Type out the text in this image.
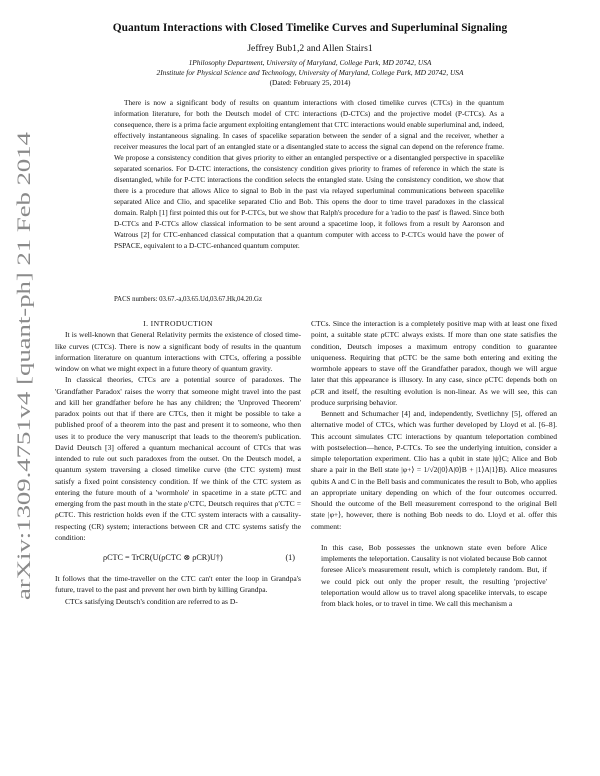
arXiv:1309.4751v4 [quant-ph] 21 Feb 2014
Quantum Interactions with Closed Timelike Curves and Superluminal Signaling
Jeffrey Bub1,2 and Allen Stairs1
1Philosophy Department, University of Maryland, College Park, MD 20742, USA
2Institute for Physical Science and Technology, University of Maryland, College Park, MD 20742, USA
(Dated: February 25, 2014)
There is now a significant body of results on quantum interactions with closed timelike curves (CTCs) in the quantum information literature, for both the Deutsch model of CTC interactions (D-CTCs) and the projective model (P-CTCs). As a consequence, there is a prima facie argument exploiting entanglement that CTC interactions would enable superluminal and, indeed, effectively instantaneous signaling. In cases of spacelike separation between the sender of a signal and the receiver, whether a receiver measures the local part of an entangled state or a disentangled state to access the signal can depend on the reference frame. We propose a consistency condition that gives priority to either an entangled perspective or a disentangled perspective in spacelike separated scenarios. For D-CTC interactions, the consistency condition gives priority to frames of reference in which the state is disentangled, while for P-CTC interactions the condition selects the entangled state. Using the consistency condition, we show that there is a procedure that allows Alice to signal to Bob in the past via relayed superluminal communications between spacelike separated Alice and Clio, and spacelike separated Clio and Bob. This opens the door to time travel paradoxes in the classical domain. Ralph [1] first pointed this out for P-CTCs, but we show that Ralph's procedure for a 'radio to the past' is flawed. Since both D-CTCs and P-CTCs allow classical information to be sent around a spacetime loop, it follows from a result by Aaronson and Watrous [2] for CTC-enhanced classical computation that a quantum computer with access to P-CTCs would have the power of PSPACE, equivalent to a D-CTC-enhanced quantum computer.
PACS numbers: 03.67.-a,03.65.Ud,03.67.Hk,04.20.Gz

I. INTRODUCTION

It is well-known that General Relativity permits the existence of closed time-like curves (CTCs). There is now a significant body of results in the quantum information literature on quantum interactions with CTCs, offering a possible window on what we might expect in a future theory of quantum gravity.

In classical theories, CTCs are a potential source of paradoxes. The 'Grandfather Paradox' raises the worry that someone might travel into the past and kill her grandfather before he has any children; the 'Unproved Theorem' paradox points out that if there are CTCs, then it might be possible to take a published proof of a theorem into the past and present it to someone, who then uses it to produce the very manuscript that leads to the theorem's publication. David Deutsch [3] offered a quantum mechanical account of CTCs that was intended to rule out such paradoxes from the outset. On the Deutsch model, a quantum system traversing a closed timelike curve (the CTC system) must satisfy a fixed point consistency condition. If we think of the CTC system as entering the future mouth of a 'wormhole' in spacetime in a state ρCTC and emerging from the past mouth in the state ρ′CTC, Deutsch requires that ρ′CTC = ρCTC. This restriction holds even if the CTC system interacts with a causality-respecting (CR) system; interactions between CR and CTC systems satisfy the condition:

ρCTC = TrCR(U(ρCTC ⊗ ρCR)U†)	(1)

It follows that the time-traveller on the CTC can't enter the loop in Grandpa's future, travel to the past and prevent her own birth by killing Grandpa.

CTCs satisfying Deutsch's condition are referred to as D-

CTCs. Since the interaction is a completely positive map with at least one fixed point, a suitable state ρCTC always exists. If more than one state satisfies the condition, Deutsch imposes a maximum entropy condition to guarantee uniqueness. Requiring that ρCTC be the same both entering and exiting the wormhole appears to stave off the Grandfather paradox, though we will argue later that this appearance is illusory. In any case, since ρCTC depends both on ρCR and itself, the resulting evolution is non-linear. As we will see, this can produce surprising behavior.

Bennett and Schumacher [4] and, independently, Svetlichny [5], offered an alternative model of CTCs, which was further developed by Lloyd et al. [6–8]. This account simulates CTC interactions by quantum teleportation combined with postselection—hence, P-CTCs. To see the underlying intuition, consider a simple teleportation experiment. Clio has a qubit in state |ψ⟩C; Alice and Bob share a pair in the Bell state |φ+⟩ = 1/√2(|0⟩A|0⟩B + |1⟩A|1⟩B). Alice measures qubits A and C in the Bell basis and communicates the result to Bob, who applies an appropriate unitary depending on which of the four outcomes occurred. Should the outcome of the Bell measurement correspond to the original Bell state |φ+⟩, however, there is nothing Bob needs to do. Lloyd et al. offer this comment:

In this case, Bob possesses the unknown state even before Alice implements the teleportation. Causality is not violated because Bob cannot foresee Alice's measurement result, which is completely random. But, if we could pick out only the proper result, the resulting 'projective' teleportation would allow us to travel along spacelike intervals, to escape from black holes, or to travel in time. We call this mechanism a
